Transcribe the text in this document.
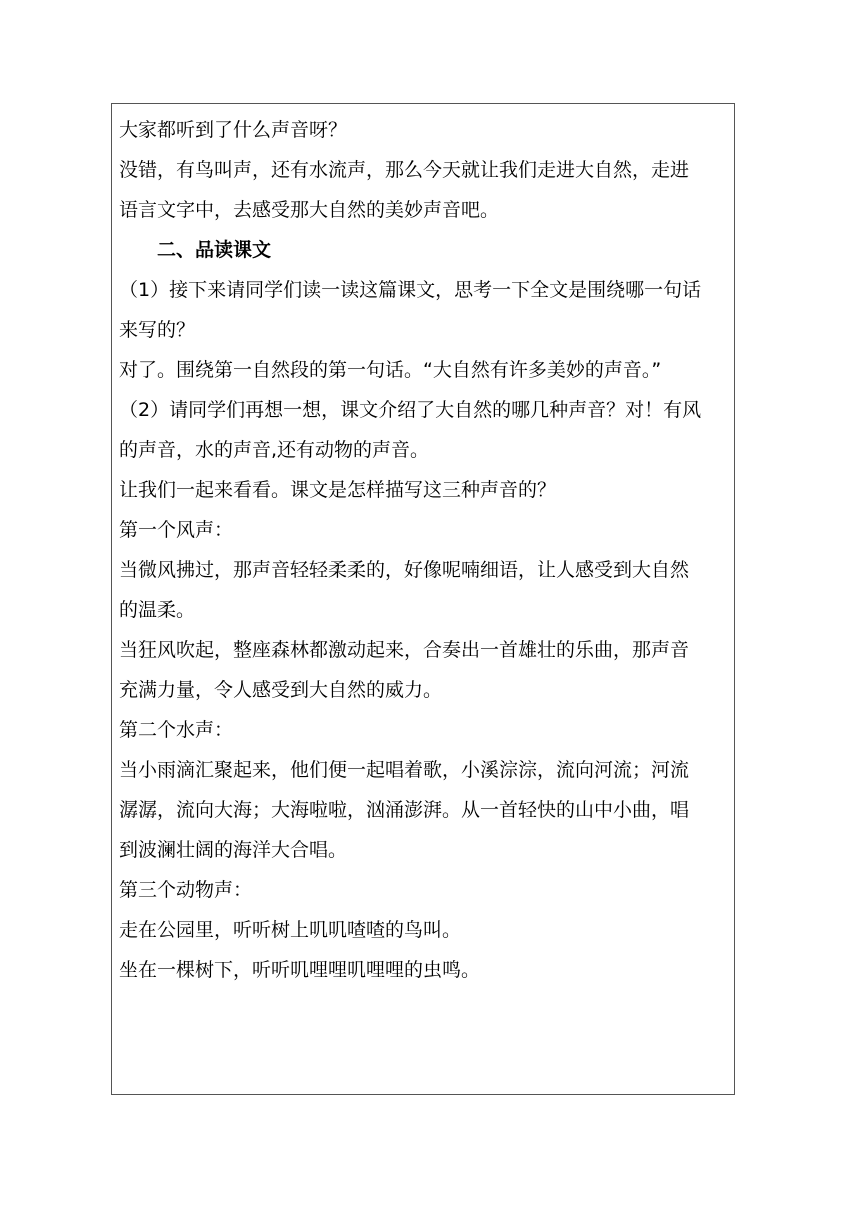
大家都听到了什么声音呀？
没错，有鸟叫声，还有水流声，那么今天就让我们走进大自然，走进
语言文字中，去感受那大自然的美妙声音吧。
二、品读课文
（1）接下来请同学们读一读这篇课文，思考一下全文是围绕哪一句话
来写的？
对了。围绕第一自然段的第一句话。“大自然有许多美妙的声音。”
（2）请同学们再想一想，课文介绍了大自然的哪几种声音？对！有风
的声音，水的声音,还有动物的声音。
让我们一起来看看。课文是怎样描写这三种声音的？
第一个风声：
当微风拂过，那声音轻轻柔柔的，好像呢喃细语，让人感受到大自然
的温柔。
当狂风吹起，整座森林都激动起来，合奏出一首雄壮的乐曲，那声音
充满力量，令人感受到大自然的威力。
第二个水声：
当小雨滴汇聚起来，他们便一起唱着歌，小溪淙淙，流向河流；河流
潺潺，流向大海；大海啦啦，汹涌澎湃。从一首轻快的山中小曲，唱
到波澜壮阔的海洋大合唱。
第三个动物声：
走在公园里，听听树上叽叽喳喳的鸟叫。
坐在一棵树下，听听叽哩哩叽哩哩的虫鸣。
